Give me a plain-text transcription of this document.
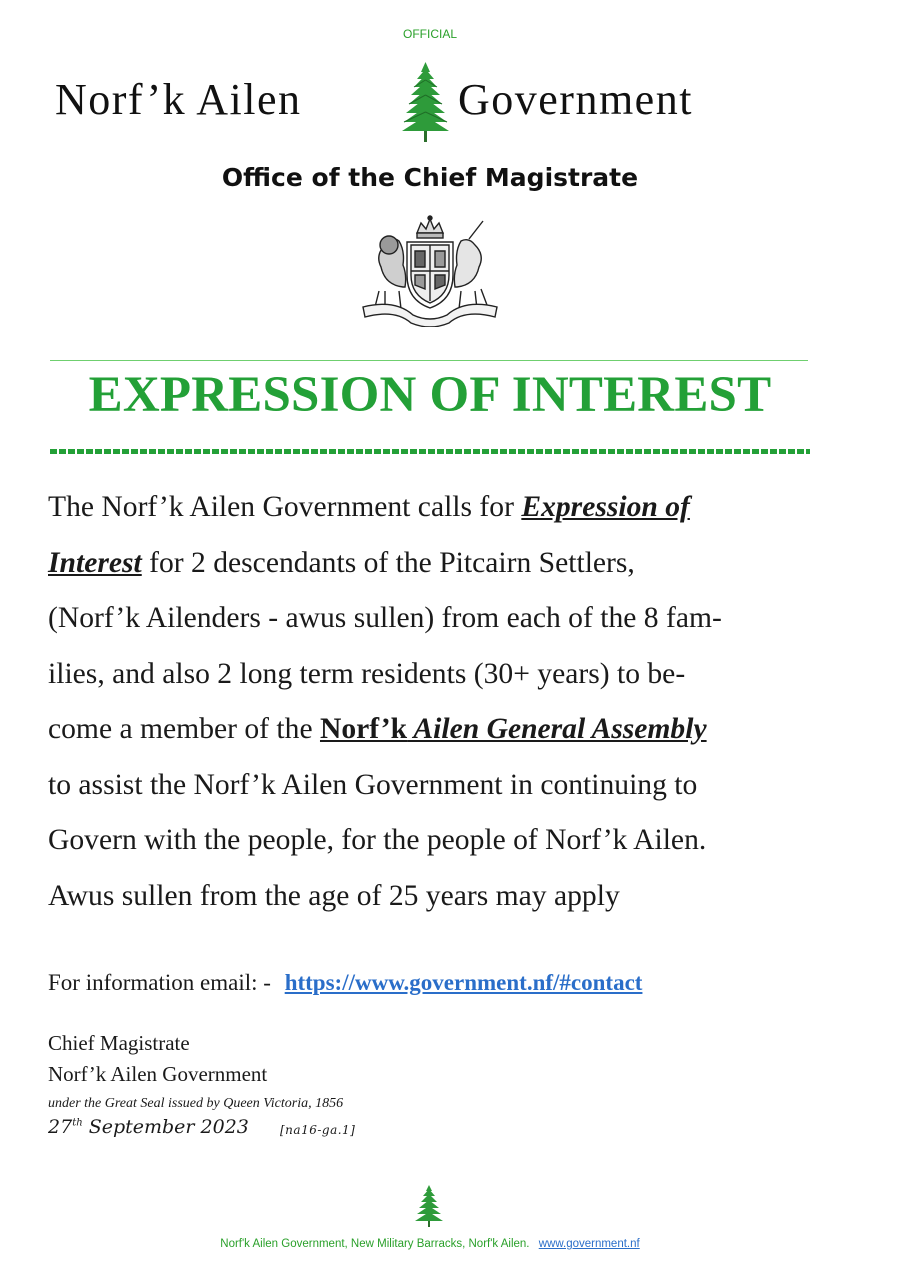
OFFICIAL
Norf’k Ailen	Government
Office of the Chief Magistrate
EXPRESSION OF INTEREST
The Norf’k Ailen Government calls for Expression of
Interest for 2 descendants of the Pitcairn Settlers,
(Norf’k Ailenders - awus sullen) from each of the 8 fam-
ilies, and also 2 long term residents (30+ years) to be-
come a member of the Norf’k Ailen General Assembly
to assist the Norf’k Ailen Government in continuing to
Govern with the people, for the people of Norf’k Ailen.
Awus sullen from the age of 25 years may apply
For information email: - https://www.government.nf/#contact
Chief Magistrate
Norf’k Ailen Government
under the Great Seal issued by Queen Victoria, 1856
27th September 2023	[na16-ga.1]
Norf'k Ailen Government, New Military Barracks, Norf'k Ailen. www.government.nf
